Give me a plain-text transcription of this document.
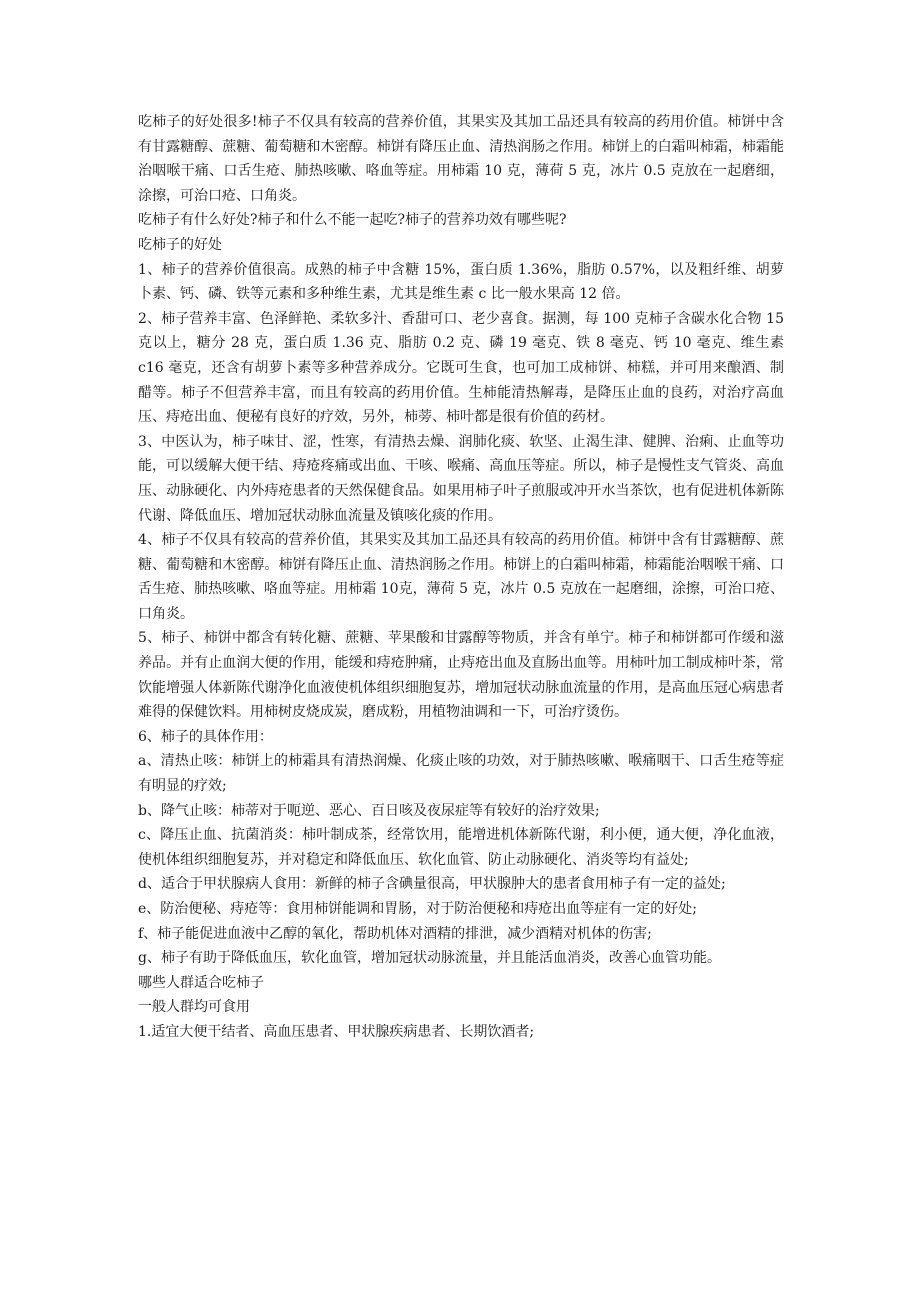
吃柿子的好处很多!柿子不仅具有较高的营养价值，其果实及其加工品还具有较高的药用价值。柿饼中含有甘露糖醇、蔗糖、葡萄糖和木密醇。柿饼有降压止血、清热润肠之作用。柿饼上的白霜叫柿霜，柿霜能治咽喉干痛、口舌生疮、肺热咳嗽、咯血等症。用柿霜 10 克，薄荷 5 克，冰片 0.5 克放在一起磨细，涂擦，可治口疮、口角炎。

吃柿子有什么好处?柿子和什么不能一起吃?柿子的营养功效有哪些呢?

吃柿子的好处

1、柿子的营养价值很高。成熟的柿子中含糖 15%，蛋白质 1.36%，脂肪 0.57%，以及粗纤维、胡萝卜素、钙、磷、铁等元素和多种维生素，尤其是维生素 c 比一般水果高 12 倍。

2、柿子营养丰富、色泽鲜艳、柔软多汁、香甜可口、老少喜食。据测，每 100 克柿子含碳水化合物 15 克以上，糖分 28 克，蛋白质 1.36 克、脂肪 0.2 克、磷 19 毫克、铁 8 毫克、钙 10 毫克、维生素 c16 毫克，还含有胡萝卜素等多种营养成分。它既可生食，也可加工成柿饼、柿糕，并可用来酿酒、制醋等。柿子不但营养丰富，而且有较高的药用价值。生柿能清热解毒，是降压止血的良药，对治疗高血压、痔疮出血、便秘有良好的疗效，另外，柿蒡、柿叶都是很有价值的药材。

3、中医认为，柿子味甘、涩，性寒，有清热去燥、润肺化痰、软坚、止渴生津、健脾、治痢、止血等功能，可以缓解大便干结、痔疮疼痛或出血、干咳、喉痛、高血压等症。所以，柿子是慢性支气管炎、高血压、动脉硬化、内外痔疮患者的天然保健食品。如果用柿子叶子煎服或冲开水当茶饮，也有促进机体新陈代谢、降低血压、增加冠状动脉血流量及镇咳化痰的作用。

4、柿子不仅具有较高的营养价值，其果实及其加工品还具有较高的药用价值。柿饼中含有甘露糖醇、蔗糖、葡萄糖和木密醇。柿饼有降压止血、清热润肠之作用。柿饼上的白霜叫柿霜，柿霜能治咽喉干痛、口舌生疮、肺热咳嗽、咯血等症。用柿霜 10克，薄荷 5 克，冰片 0.5 克放在一起磨细，涂擦，可治口疮、口角炎。

5、柿子、柿饼中都含有转化糖、蔗糖、苹果酸和甘露醇等物质，并含有单宁。柿子和柿饼都可作缓和滋养品。并有止血润大便的作用，能缓和痔疮肿痛，止痔疮出血及直肠出血等。用柿叶加工制成柿叶茶，常饮能增强人体新陈代谢净化血液使机体组织细胞复苏，增加冠状动脉血流量的作用，是高血压冠心病患者难得的保健饮料。用柿树皮烧成炭，磨成粉，用植物油调和一下，可治疗烫伤。

6、柿子的具体作用：

a、清热止咳：柿饼上的柿霜具有清热润燥、化痰止咳的功效，对于肺热咳嗽、喉痛咽干、口舌生疮等症有明显的疗效;

b、降气止咳：柿蒂对于呃逆、恶心、百日咳及夜尿症等有较好的治疗效果;

c、降压止血、抗菌消炎：柿叶制成茶，经常饮用，能增进机体新陈代谢，利小便，通大便，净化血液，使机体组织细胞复苏，并对稳定和降低血压、软化血管、防止动脉硬化、消炎等均有益处;

d、适合于甲状腺病人食用：新鲜的柿子含碘量很高，甲状腺肿大的患者食用柿子有一定的益处;

e、防治便秘、痔疮等：食用柿饼能调和胃肠，对于防治便秘和痔疮出血等症有一定的好处;

f、柿子能促进血液中乙醇的氧化，帮助机体对酒精的排泄，减少酒精对机体的伤害;

g、柿子有助于降低血压，软化血管，增加冠状动脉流量，并且能活血消炎，改善心血管功能。

哪些人群适合吃柿子

一般人群均可食用

1.适宜大便干结者、高血压患者、甲状腺疾病患者、长期饮酒者;
